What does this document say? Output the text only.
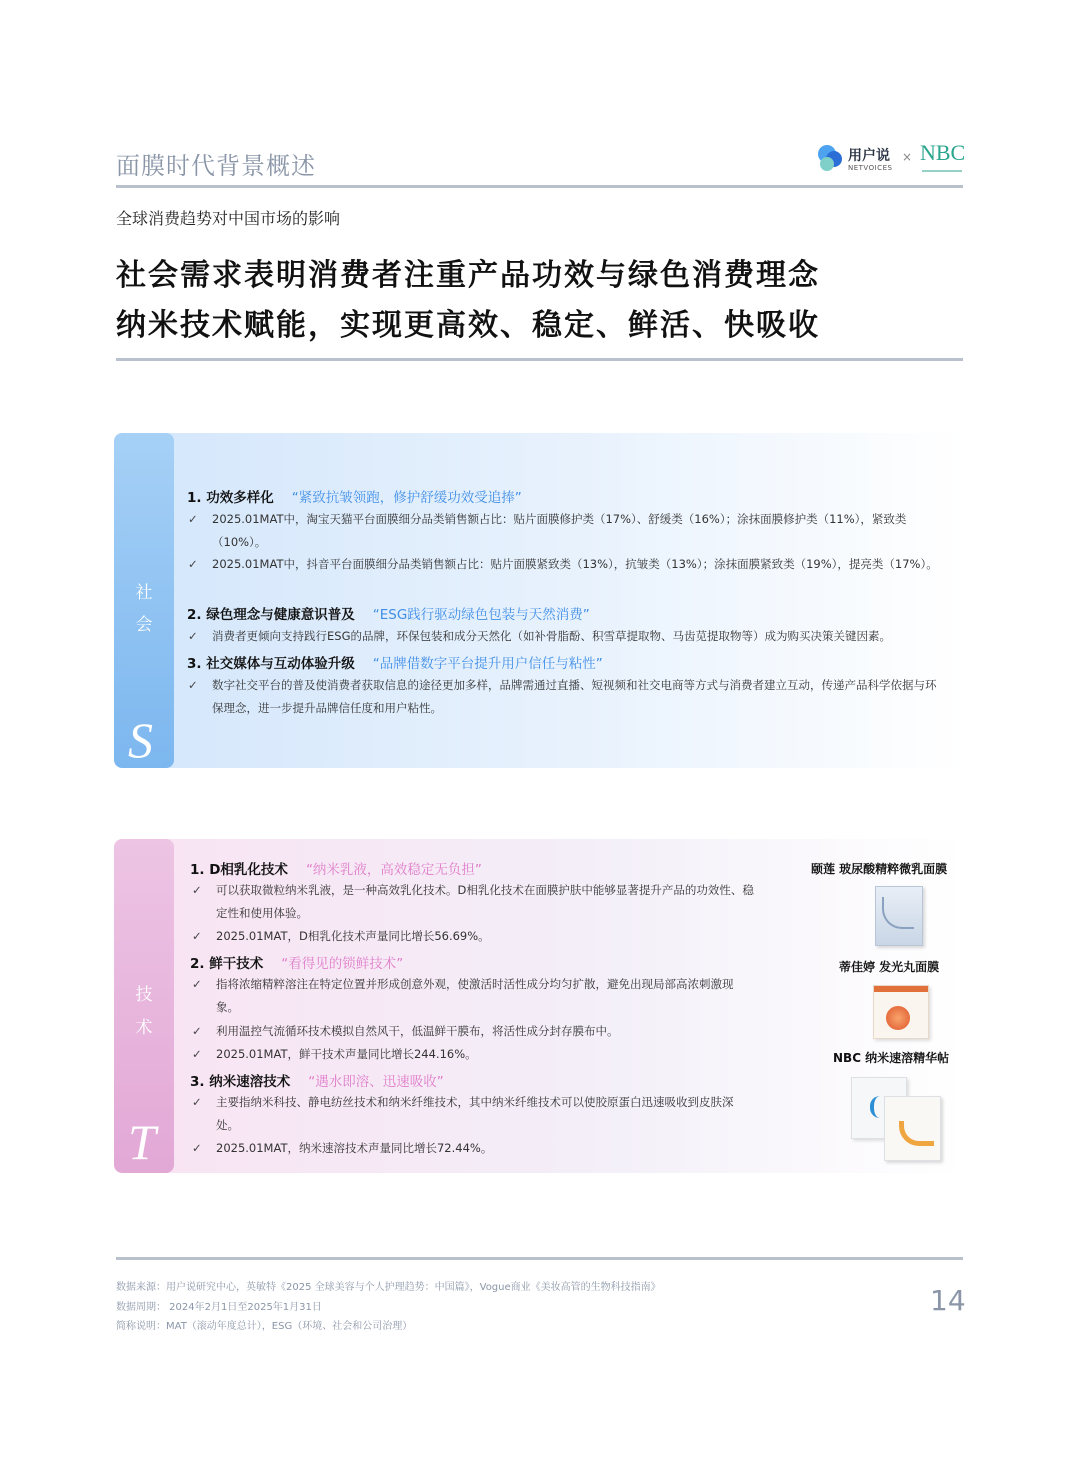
面膜时代背景概述	用户说
NETVOICES
× NBC
全球消费趋势对中国市场的影响
社会需求表明消费者注重产品功效与绿色消费理念
纳米技术赋能，实现更高效、稳定、鲜活、快吸收
社
会
S
1. 功效多样化 “紧致抗皱领跑，修护舒缓功效受追捧”
✓ 2025.01MAT中，淘宝天猫平台面膜细分品类销售额占比：贴片面膜修护类（17%）、舒缓类（16%）；涂抹面膜修护类（11%），紧致类（10%）。
✓ 2025.01MAT中，抖音平台面膜细分品类销售额占比：贴片面膜紧致类（13%），抗皱类（13%）；涂抹面膜紧致类（19%），提亮类（17%）。
2. 绿色理念与健康意识普及 “ESG践行驱动绿色包装与天然消费”
✓ 消费者更倾向支持践行ESG的品牌，环保包装和成分天然化（如补骨脂酚、积雪草提取物、马齿苋提取物等）成为购买决策关键因素。
3. 社交媒体与互动体验升级 “品牌借数字平台提升用户信任与粘性”
✓ 数字社交平台的普及使消费者获取信息的途径更加多样，品牌需通过直播、短视频和社交电商等方式与消费者建立互动，传递产品科学依据与环保理念，进一步提升品牌信任度和用户粘性。
技
术
T
1. D相乳化技术 “纳米乳液，高效稳定无负担”
✓ 可以获取微粒纳米乳液，是一种高效乳化技术。D相乳化技术在面膜护肤中能够显著提升产品的功效性、稳定性和使用体验。
✓ 2025.01MAT，D相乳化技术声量同比增长56.69%。
2. 鲜干技术 “看得见的锁鲜技术”
✓ 指将浓缩精粹溶注在特定位置并形成创意外观，使激活时活性成分均匀扩散，避免出现局部高浓刺激现象。
✓ 利用温控气流循环技术模拟自然风干，低温鲜干膜布，将活性成分封存膜布中。
✓ 2025.01MAT，鲜干技术声量同比增长244.16%。
3. 纳米速溶技术 “遇水即溶、迅速吸收”
✓ 主要指纳米科技、静电纺丝技术和纳米纤维技术，其中纳米纤维技术可以使胶原蛋白迅速吸收到皮肤深处。
✓ 2025.01MAT，纳米速溶技术声量同比增长72.44%。
颐莲 玻尿酸精粹微乳面膜
蒂佳婷 发光丸面膜
NBC 纳米速溶精华帖
数据来源：用户说研究中心，英敏特《2025 全球美容与个人护理趋势：中国篇》，Vogue商业《美妆高管的生物科技指南》
数据周期： 2024年2月1日至2025年1月31日
简称说明：MAT（滚动年度总计），ESG（环境、社会和公司治理）
14
